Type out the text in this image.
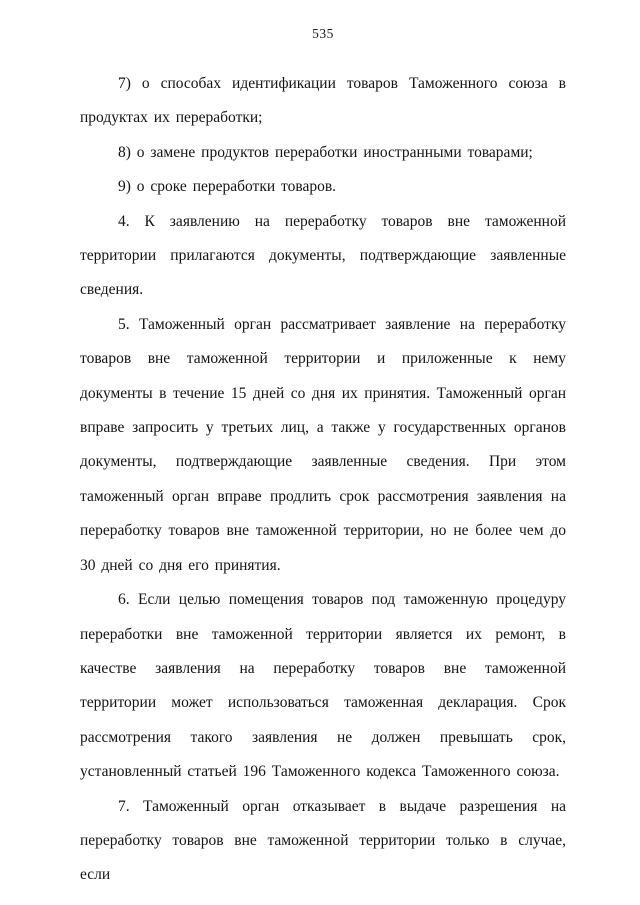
535

7) о способах идентификации товаров Таможенного союза в продуктах их переработки;

8) о замене продуктов переработки иностранными товарами;

9) о сроке переработки товаров.

4. К заявлению на переработку товаров вне таможенной территории прилагаются документы, подтверждающие заявленные сведения.

5. Таможенный орган рассматривает заявление на переработку товаров вне таможенной территории и приложенные к нему документы в течение 15 дней со дня их принятия. Таможенный орган вправе запросить у третьих лиц, а также у государственных органов документы, подтверждающие заявленные сведения. При этом таможенный орган вправе продлить срок рассмотрения заявления на переработку товаров вне таможенной территории, но не более чем до 30 дней со дня его принятия.

6. Если целью помещения товаров под таможенную процедуру переработки вне таможенной территории является их ремонт, в качестве заявления на переработку товаров вне таможенной территории может использоваться таможенная декларация. Срок рассмотрения такого заявления не должен превышать срок, установленный статьей 196 Таможенного кодекса Таможенного союза.

7. Таможенный орган отказывает в выдаче разрешения на переработку товаров вне таможенной территории только в случае, если
